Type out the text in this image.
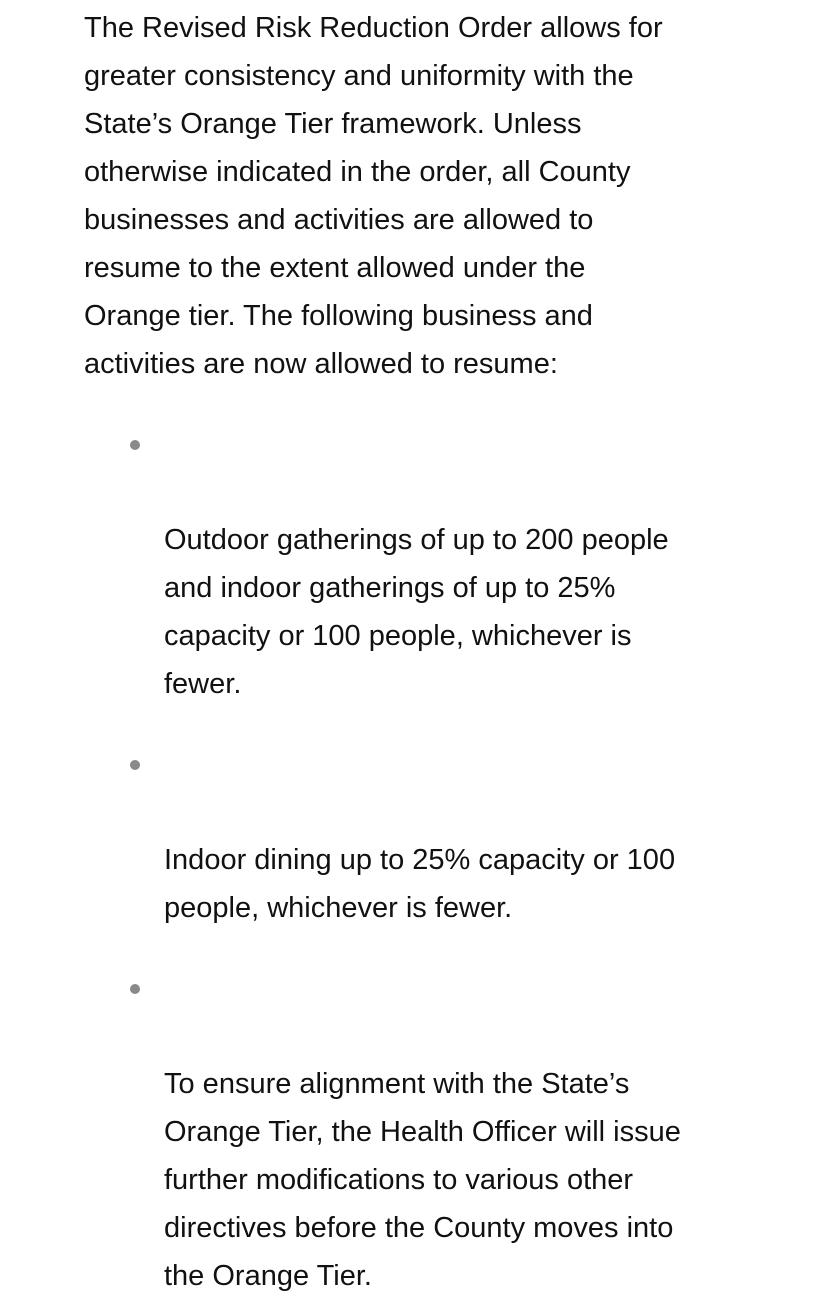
The Revised Risk Reduction Order allows for
greater consistency and uniformity with the
State’s Orange Tier framework. Unless
otherwise indicated in the order, all County
businesses and activities are allowed to
resume to the extent allowed under the
Orange tier. The following business and
activities are now allowed to resume:

Outdoor gatherings of up to 200 people
and indoor gatherings of up to 25%
capacity or 100 people, whichever is
fewer.

Indoor dining up to 25% capacity or 100
people, whichever is fewer.

To ensure alignment with the State’s
Orange Tier, the Health Officer will issue
further modifications to various other
directives before the County moves into
the Orange Tier.
